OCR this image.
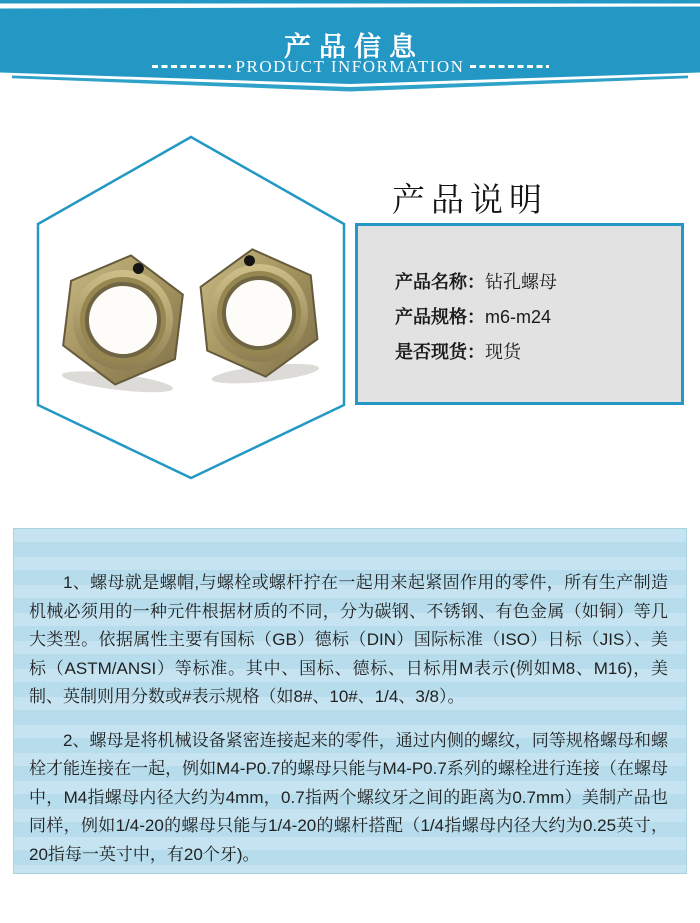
产品信息
PRODUCT INFORMATION
产品说明
产品名称：钻孔螺母
产品规格：m6-m24
是否现货：现货

1、螺母就是螺帽,与螺栓或螺杆拧在一起用来起紧固作用的零件，所有生产制造机械必须用的一种元件根据材质的不同，分为碳钢、不锈钢、有色金属（如铜）等几大类型。依据属性主要有国标（GB）德标（DIN）国际标准（ISO）日标（JIS）、美标（ASTM/ANSI）等标准。其中、国标、德标、日标用M表示(例如M8、M16)，美制、英制则用分数或#表示规格（如8#、10#、1/4、3/8）。

2、螺母是将机械设备紧密连接起来的零件，通过内侧的螺纹，同等规格螺母和螺栓才能连接在一起，例如M4-P0.7的螺母只能与M4-P0.7系列的螺栓进行连接（在螺母中，M4指螺母内径大约为4mm，0.7指两个螺纹牙之间的距离为0.7mm）美制产品也同样，例如1/4-20的螺母只能与1/4-20的螺杆搭配（1/4指螺母内径大约为0.25英寸，20指每一英寸中，有20个牙)。
